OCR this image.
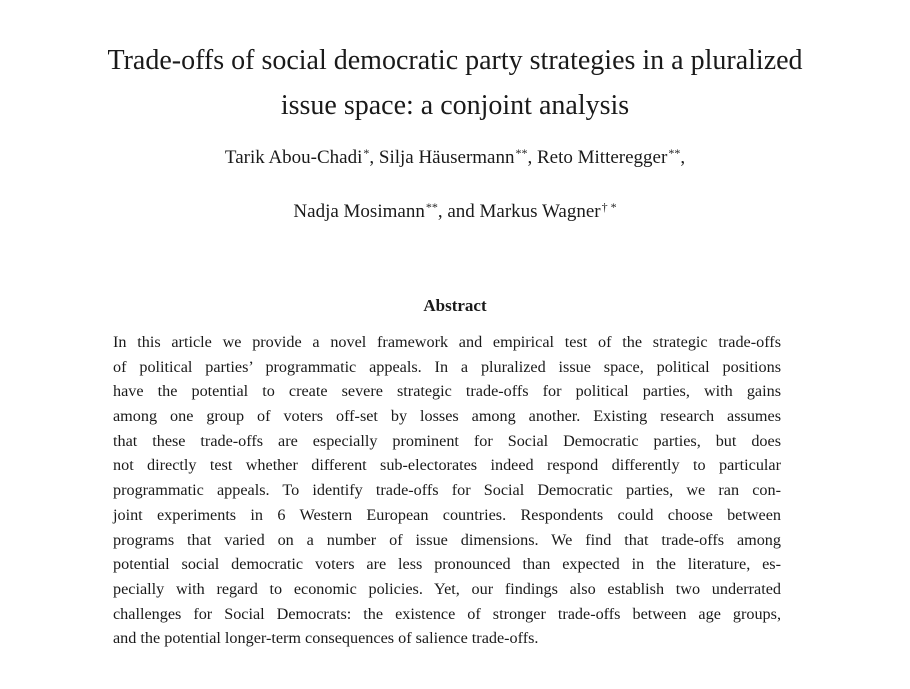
Trade-offs of social democratic party strategies in a pluralized
issue space: a conjoint analysis

Tarik Abou-Chadi*, Silja Häusermann**, Reto Mitteregger**,

Nadja Mosimann**, and Markus Wagner† *

Abstract
In this article we provide a novel framework and empirical test of the strategic trade-offs
of political parties’ programmatic appeals. In a pluralized issue space, political positions
have the potential to create severe strategic trade-offs for political parties, with gains
among one group of voters off-set by losses among another. Existing research assumes
that these trade-offs are especially prominent for Social Democratic parties, but does
not directly test whether different sub-electorates indeed respond differently to particular
programmatic appeals. To identify trade-offs for Social Democratic parties, we ran con-
joint experiments in 6 Western European countries. Respondents could choose between
programs that varied on a number of issue dimensions. We find that trade-offs among
potential social democratic voters are less pronounced than expected in the literature, es-
pecially with regard to economic policies. Yet, our findings also establish two underrated
challenges for Social Democrats: the existence of stronger trade-offs between age groups,
and the potential longer-term consequences of salience trade-offs.
